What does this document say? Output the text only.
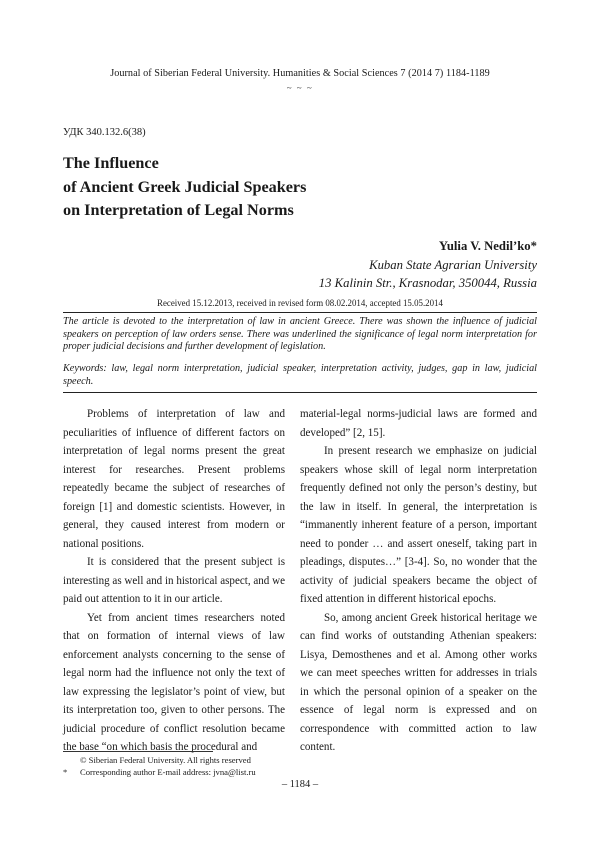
Journal of Siberian Federal University. Humanities & Social Sciences 7 (2014 7) 1184-1189
~ ~ ~
УДК 340.132.6(38)
The Influence
of Ancient Greek Judicial Speakers
on Interpretation of Legal Norms
Yulia V. Nedil’ko*
Kuban State Agrarian University
13 Kalinin Str., Krasnodar, 350044, Russia
Received 15.12.2013, received in revised form 08.02.2014, accepted 15.05.2014
The article is devoted to the interpretation of law in ancient Greece. There was shown the influence of judicial speakers on perception of law orders sense. There was underlined the significance of legal norm interpretation for proper judicial decisions and further development of legislation.
Keywords: law, legal norm interpretation, judicial speaker, interpretation activity, judges, gap in law, judicial speech.

Problems of interpretation of law and peculiarities of influence of different factors on interpretation of legal norms present the great interest for researches. Present problems repeatedly became the subject of researches of foreign [1] and domestic scientists. However, in general, they caused interest from modern or national positions.

It is considered that the present subject is interesting as well and in historical aspect, and we paid out attention to it in our article.

Yet from ancient times researchers noted that on formation of internal views of law enforcement analysts concerning to the sense of legal norm had the influence not only the text of law expressing the legislator’s point of view, but its interpretation too, given to other persons. The judicial procedure of conflict resolution became the base “on which basis the procedural and

material-legal norms-judicial laws are formed and developed” [2, 15].

In present research we emphasize on judicial speakers whose skill of legal norm interpretation frequently defined not only the person’s destiny, but the law in itself. In general, the interpretation is “immanently inherent feature of a person, important need to ponder … and assert oneself, taking part in pleadings, disputes…” [3-4]. So, no wonder that the activity of judicial speakers became the object of fixed attention in different historical epochs.

So, among ancient Greek historical heritage we can find works of outstanding Athenian speakers: Lisya, Demosthenes and et al. Among other works we can meet speeches written for addresses in trials in which the personal opinion of a speaker on the essence of legal norm is expressed and on correspondence with committed action to law content.

© Siberian Federal University. All rights reserved
* Corresponding author E-mail address: jvna@list.ru
– 1184 –
